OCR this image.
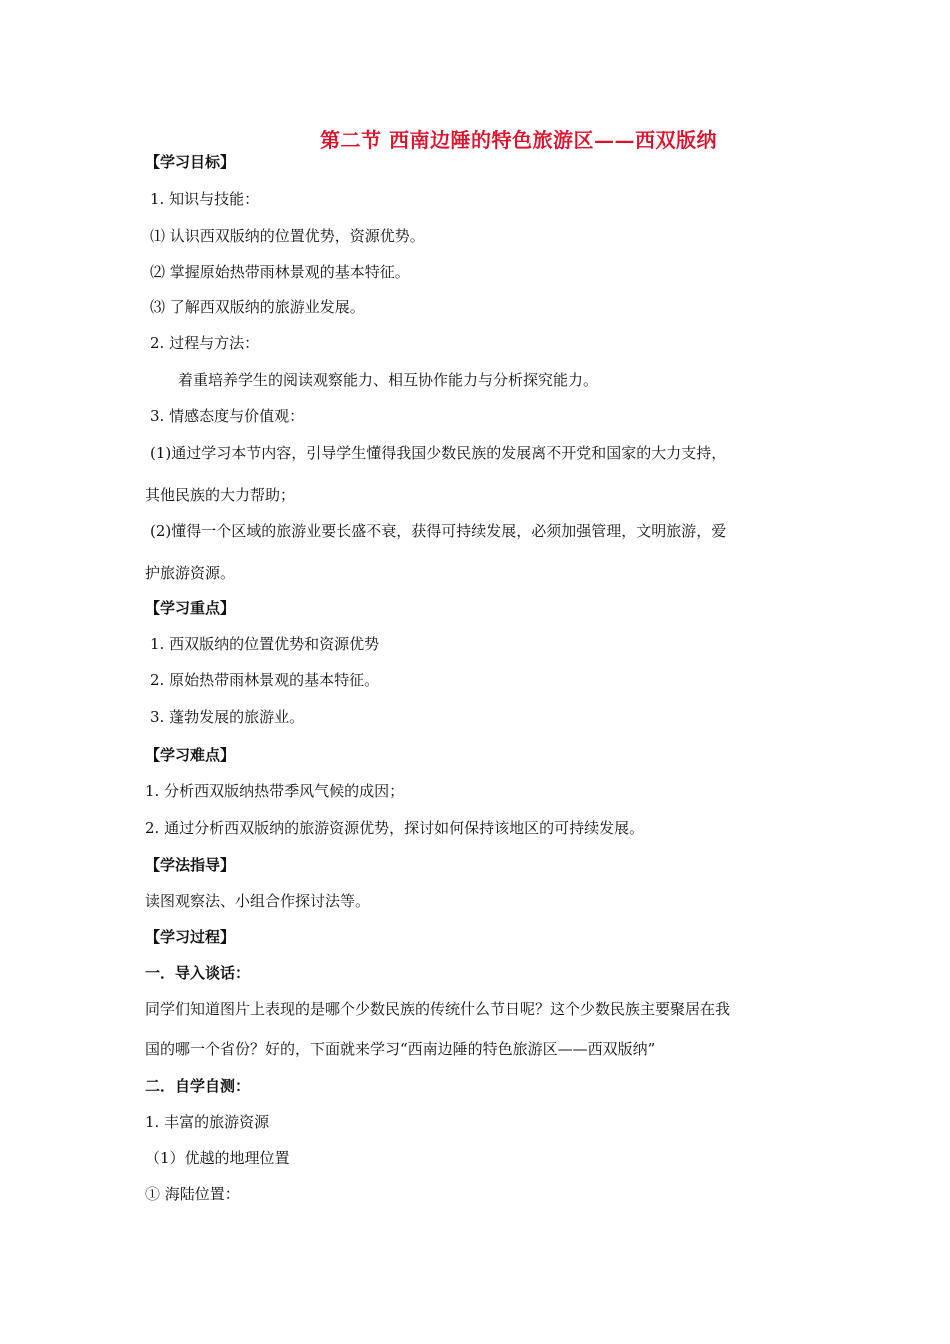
第二节 西南边陲的特色旅游区——西双版纳
【学习目标】
1. 知识与技能：
⑴ 认识西双版纳的位置优势，资源优势。
⑵ 掌握原始热带雨林景观的基本特征。
⑶ 了解西双版纳的旅游业发展。
2. 过程与方法：
着重培养学生的阅读观察能力、相互协作能力与分析探究能力。
3. 情感态度与价值观：
(1)通过学习本节内容，引导学生懂得我国少数民族的发展离不开党和国家的大力支持，
其他民族的大力帮助；
(2)懂得一个区域的旅游业要长盛不衰，获得可持续发展，必须加强管理，文明旅游，爱
护旅游资源。
【学习重点】
1. 西双版纳的位置优势和资源优势
2. 原始热带雨林景观的基本特征。
3. 蓬勃发展的旅游业。
【学习难点】
1. 分析西双版纳热带季风气候的成因；
2. 通过分析西双版纳的旅游资源优势，探讨如何保持该地区的可持续发展。
【学法指导】
读图观察法、小组合作探讨法等。
【学习过程】
一．导入谈话：
同学们知道图片上表现的是哪个少数民族的传统什么节日呢？这个少数民族主要聚居在我
国的哪一个省份？好的，下面就来学习“西南边陲的特色旅游区——西双版纳”
二．自学自测：
1. 丰富的旅游资源
（1）优越的地理位置
① 海陆位置：
